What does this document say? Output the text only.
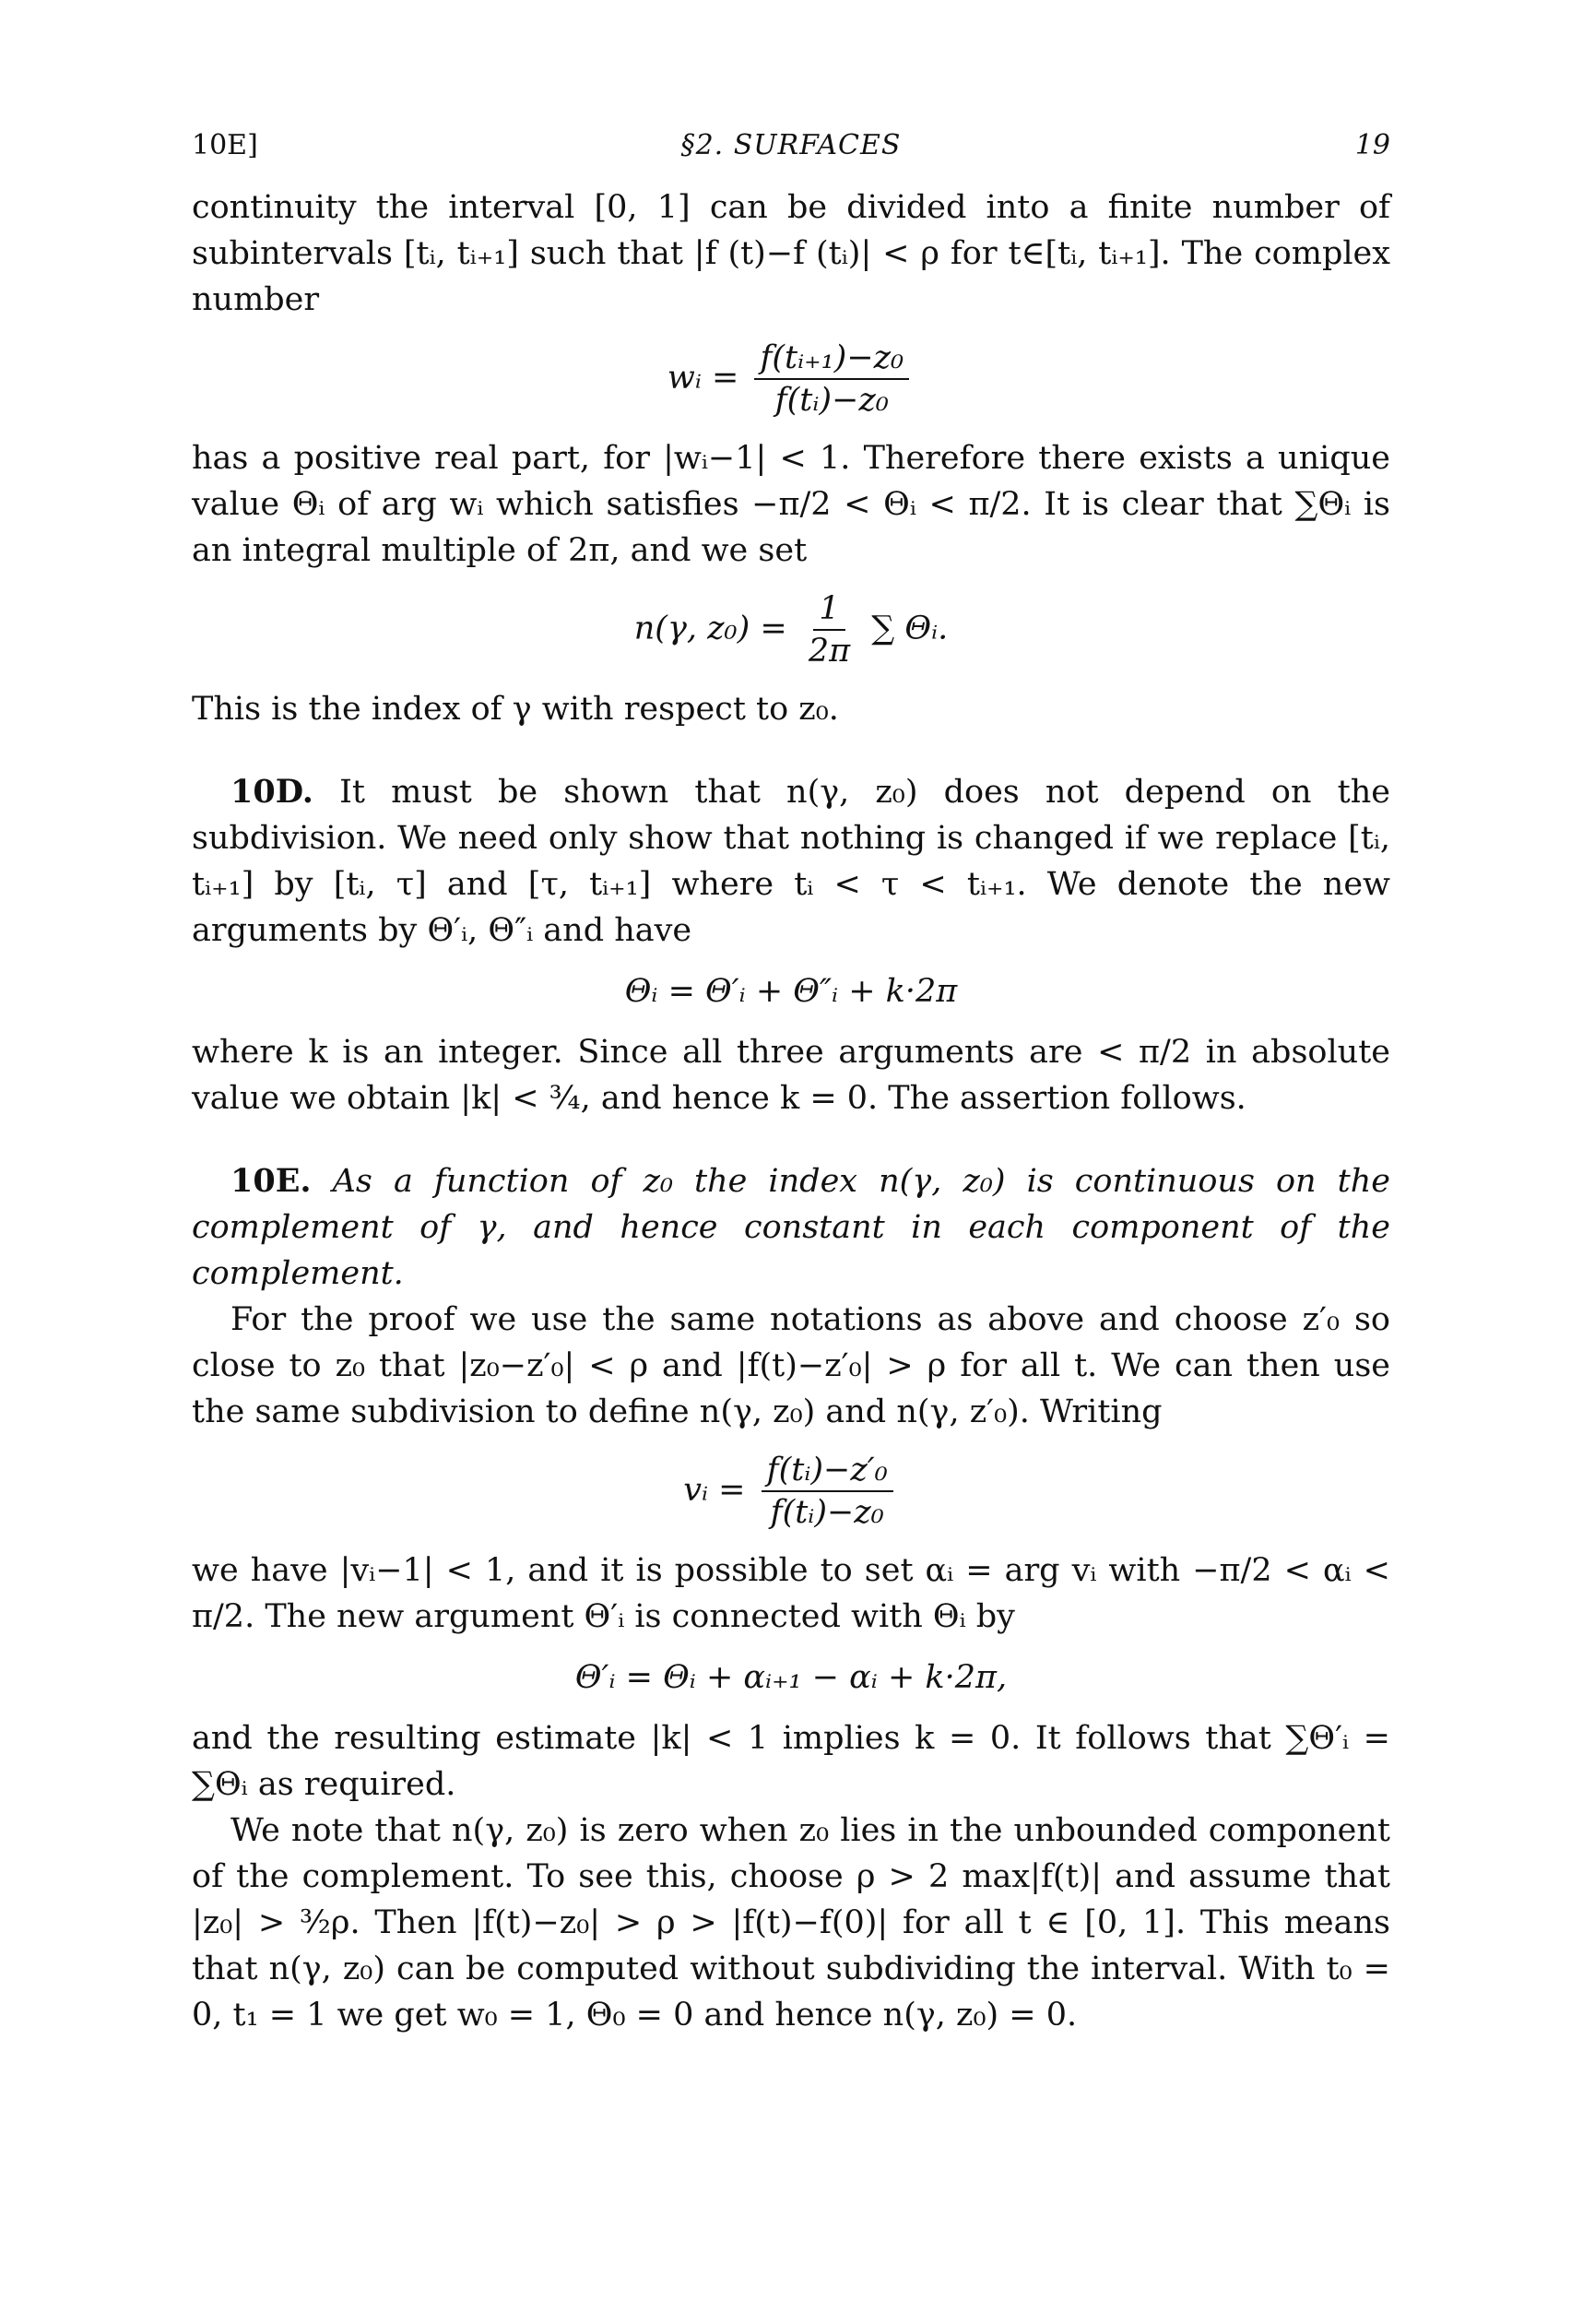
10E]	§2. SURFACES	19

continuity the interval [0, 1] can be divided into a finite number of subintervals [tᵢ, tᵢ₊₁] such that |f (t)−f (tᵢ)| < ρ for t∈[tᵢ, tᵢ₊₁]. The complex number

wᵢ = $\frac{\text{f(tᵢ₊₁)−z₀}}{\text{f(tᵢ)−z₀}}$

has a positive real part, for |wᵢ−1| < 1. Therefore there exists a unique value Θᵢ of arg wᵢ which satisfies −π/2 < Θᵢ < π/2. It is clear that ∑Θᵢ is an integral multiple of 2π, and we set

n(γ, $z_0) = \frac{1}{2\pi}$ ∑ Θᵢ.

This is the index of γ with respect to z₀.

10D. It must be shown that n(γ, z₀) does not depend on the subdivision. We need only show that nothing is changed if we replace [tᵢ, tᵢ₊₁] by [tᵢ, τ] and [τ, tᵢ₊₁] where tᵢ < τ < tᵢ₊₁. We denote the new arguments by Θ′ᵢ, Θ″ᵢ and have

Θᵢ = Θ′ᵢ + Θ″ᵢ + k·2π

where k is an integer. Since all three arguments are < π/2 in absolute value we obtain |k| < ¾, and hence k = 0. The assertion follows.

10E. As a function of z₀ the index n(γ, z₀) is continuous on the complement of γ, and hence constant in each component of the complement.

For the proof we use the same notations as above and choose z′₀ so close to z₀ that |z₀−z′₀| < ρ and |f(t)−z′₀| > ρ for all t. We can then use the same subdivision to define n(γ, z₀) and n(γ, z′₀). Writing

vᵢ = $\frac{\text{f(tᵢ)−z′₀}}{\text{f(tᵢ)−z₀}}$

we have |vᵢ−1| < 1, and it is possible to set αᵢ = arg vᵢ with −π/2 < αᵢ < π/2. The new argument Θ′ᵢ is connected with Θᵢ by

Θ′ᵢ = Θᵢ + αᵢ₊₁ − αᵢ + k·2π,

and the resulting estimate |k| < 1 implies k = 0. It follows that ∑Θ′ᵢ = ∑Θᵢ as required.

We note that n(γ, z₀) is zero when z₀ lies in the unbounded component of the complement. To see this, choose ρ > 2 max|f(t)| and assume that |z₀| > ³⁄₂ρ. Then |f(t)−z₀| > ρ > |f(t)−f(0)| for all t ∈ [0, 1]. This means that n(γ, z₀) can be computed without subdividing the interval. With t₀ = 0, t₁ = 1 we get w₀ = 1, Θ₀ = 0 and hence n(γ, z₀) = 0.
